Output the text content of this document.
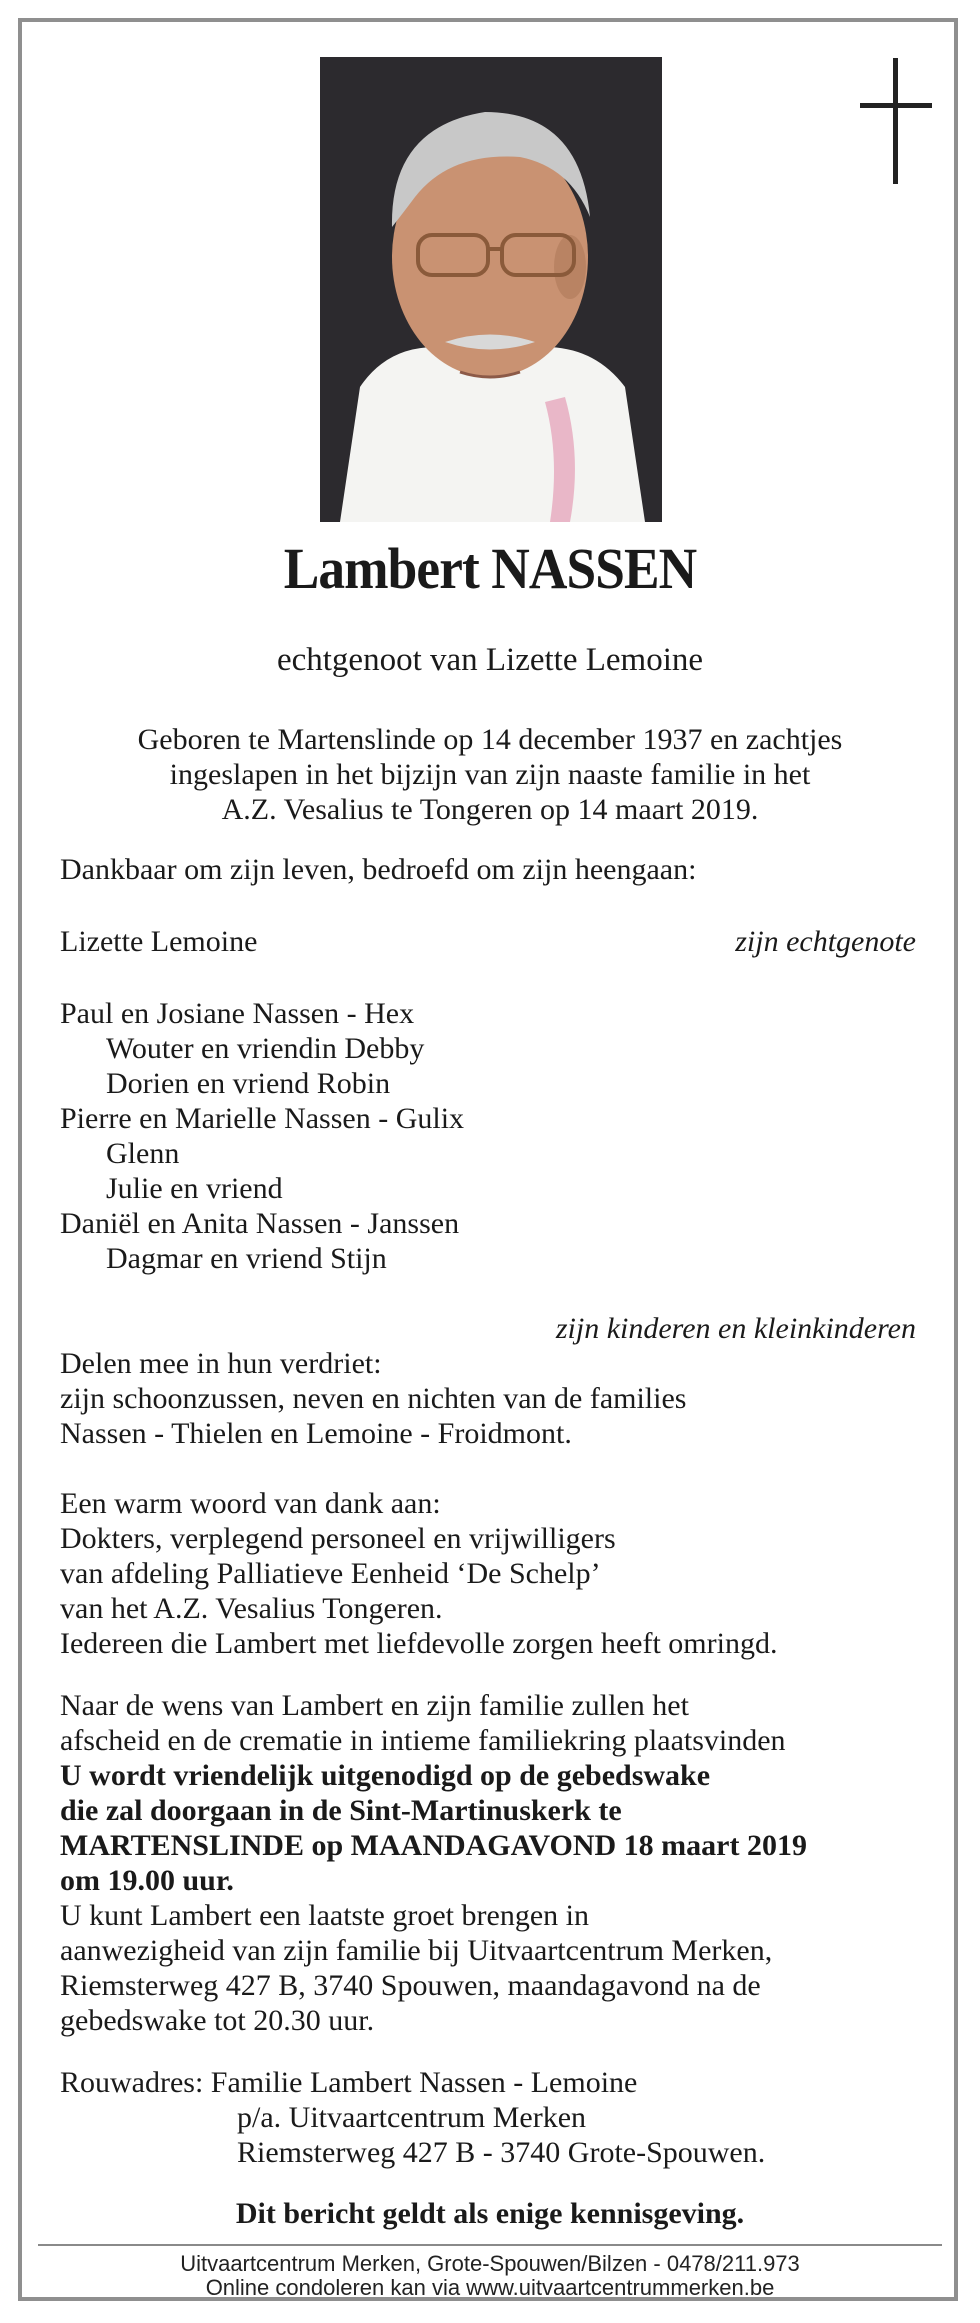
Lambert NASSEN
echtgenoot van Lizette Lemoine
Geboren te Martenslinde op 14 december 1937 en zachtjes
ingeslapen in het bijzijn van zijn naaste familie in het
A.Z. Vesalius te Tongeren op 14 maart 2019.
Dankbaar om zijn leven, bedroefd om zijn heengaan:
Lizette Lemoine	zijn echtgenote
Paul en Josiane Nassen - Hex
Wouter en vriendin Debby
Dorien en vriend Robin
Pierre en Marielle Nassen - Gulix
Glenn
Julie en vriend
Daniël en Anita Nassen - Janssen
Dagmar en vriend Stijn
zijn kinderen en kleinkinderen
Delen mee in hun verdriet:
zijn schoonzussen, neven en nichten van de families
Nassen - Thielen en Lemoine - Froidmont.
Een warm woord van dank aan:
Dokters, verplegend personeel en vrijwilligers
van afdeling Palliatieve Eenheid ‘De Schelp’
van het A.Z. Vesalius Tongeren.
Iedereen die Lambert met liefdevolle zorgen heeft omringd.
Naar de wens van Lambert en zijn familie zullen het
afscheid en de crematie in intieme familiekring plaatsvinden
U wordt vriendelijk uitgenodigd op de gebedswake
die zal doorgaan in de Sint-Martinuskerk te
MARTENSLINDE op MAANDAGAVOND 18 maart 2019
om 19.00 uur.
U kunt Lambert een laatste groet brengen in
aanwezigheid van zijn familie bij Uitvaartcentrum Merken,
Riemsterweg 427 B, 3740 Spouwen, maandagavond na de
gebedswake tot 20.30 uur.
Rouwadres: Familie Lambert Nassen - Lemoine
p/a. Uitvaartcentrum Merken
Riemsterweg 427 B - 3740 Grote-Spouwen.
Dit bericht geldt als enige kennisgeving.
Uitvaartcentrum Merken, Grote-Spouwen/Bilzen - 0478/211.973
Online condoleren kan via www.uitvaartcentrummerken.be
